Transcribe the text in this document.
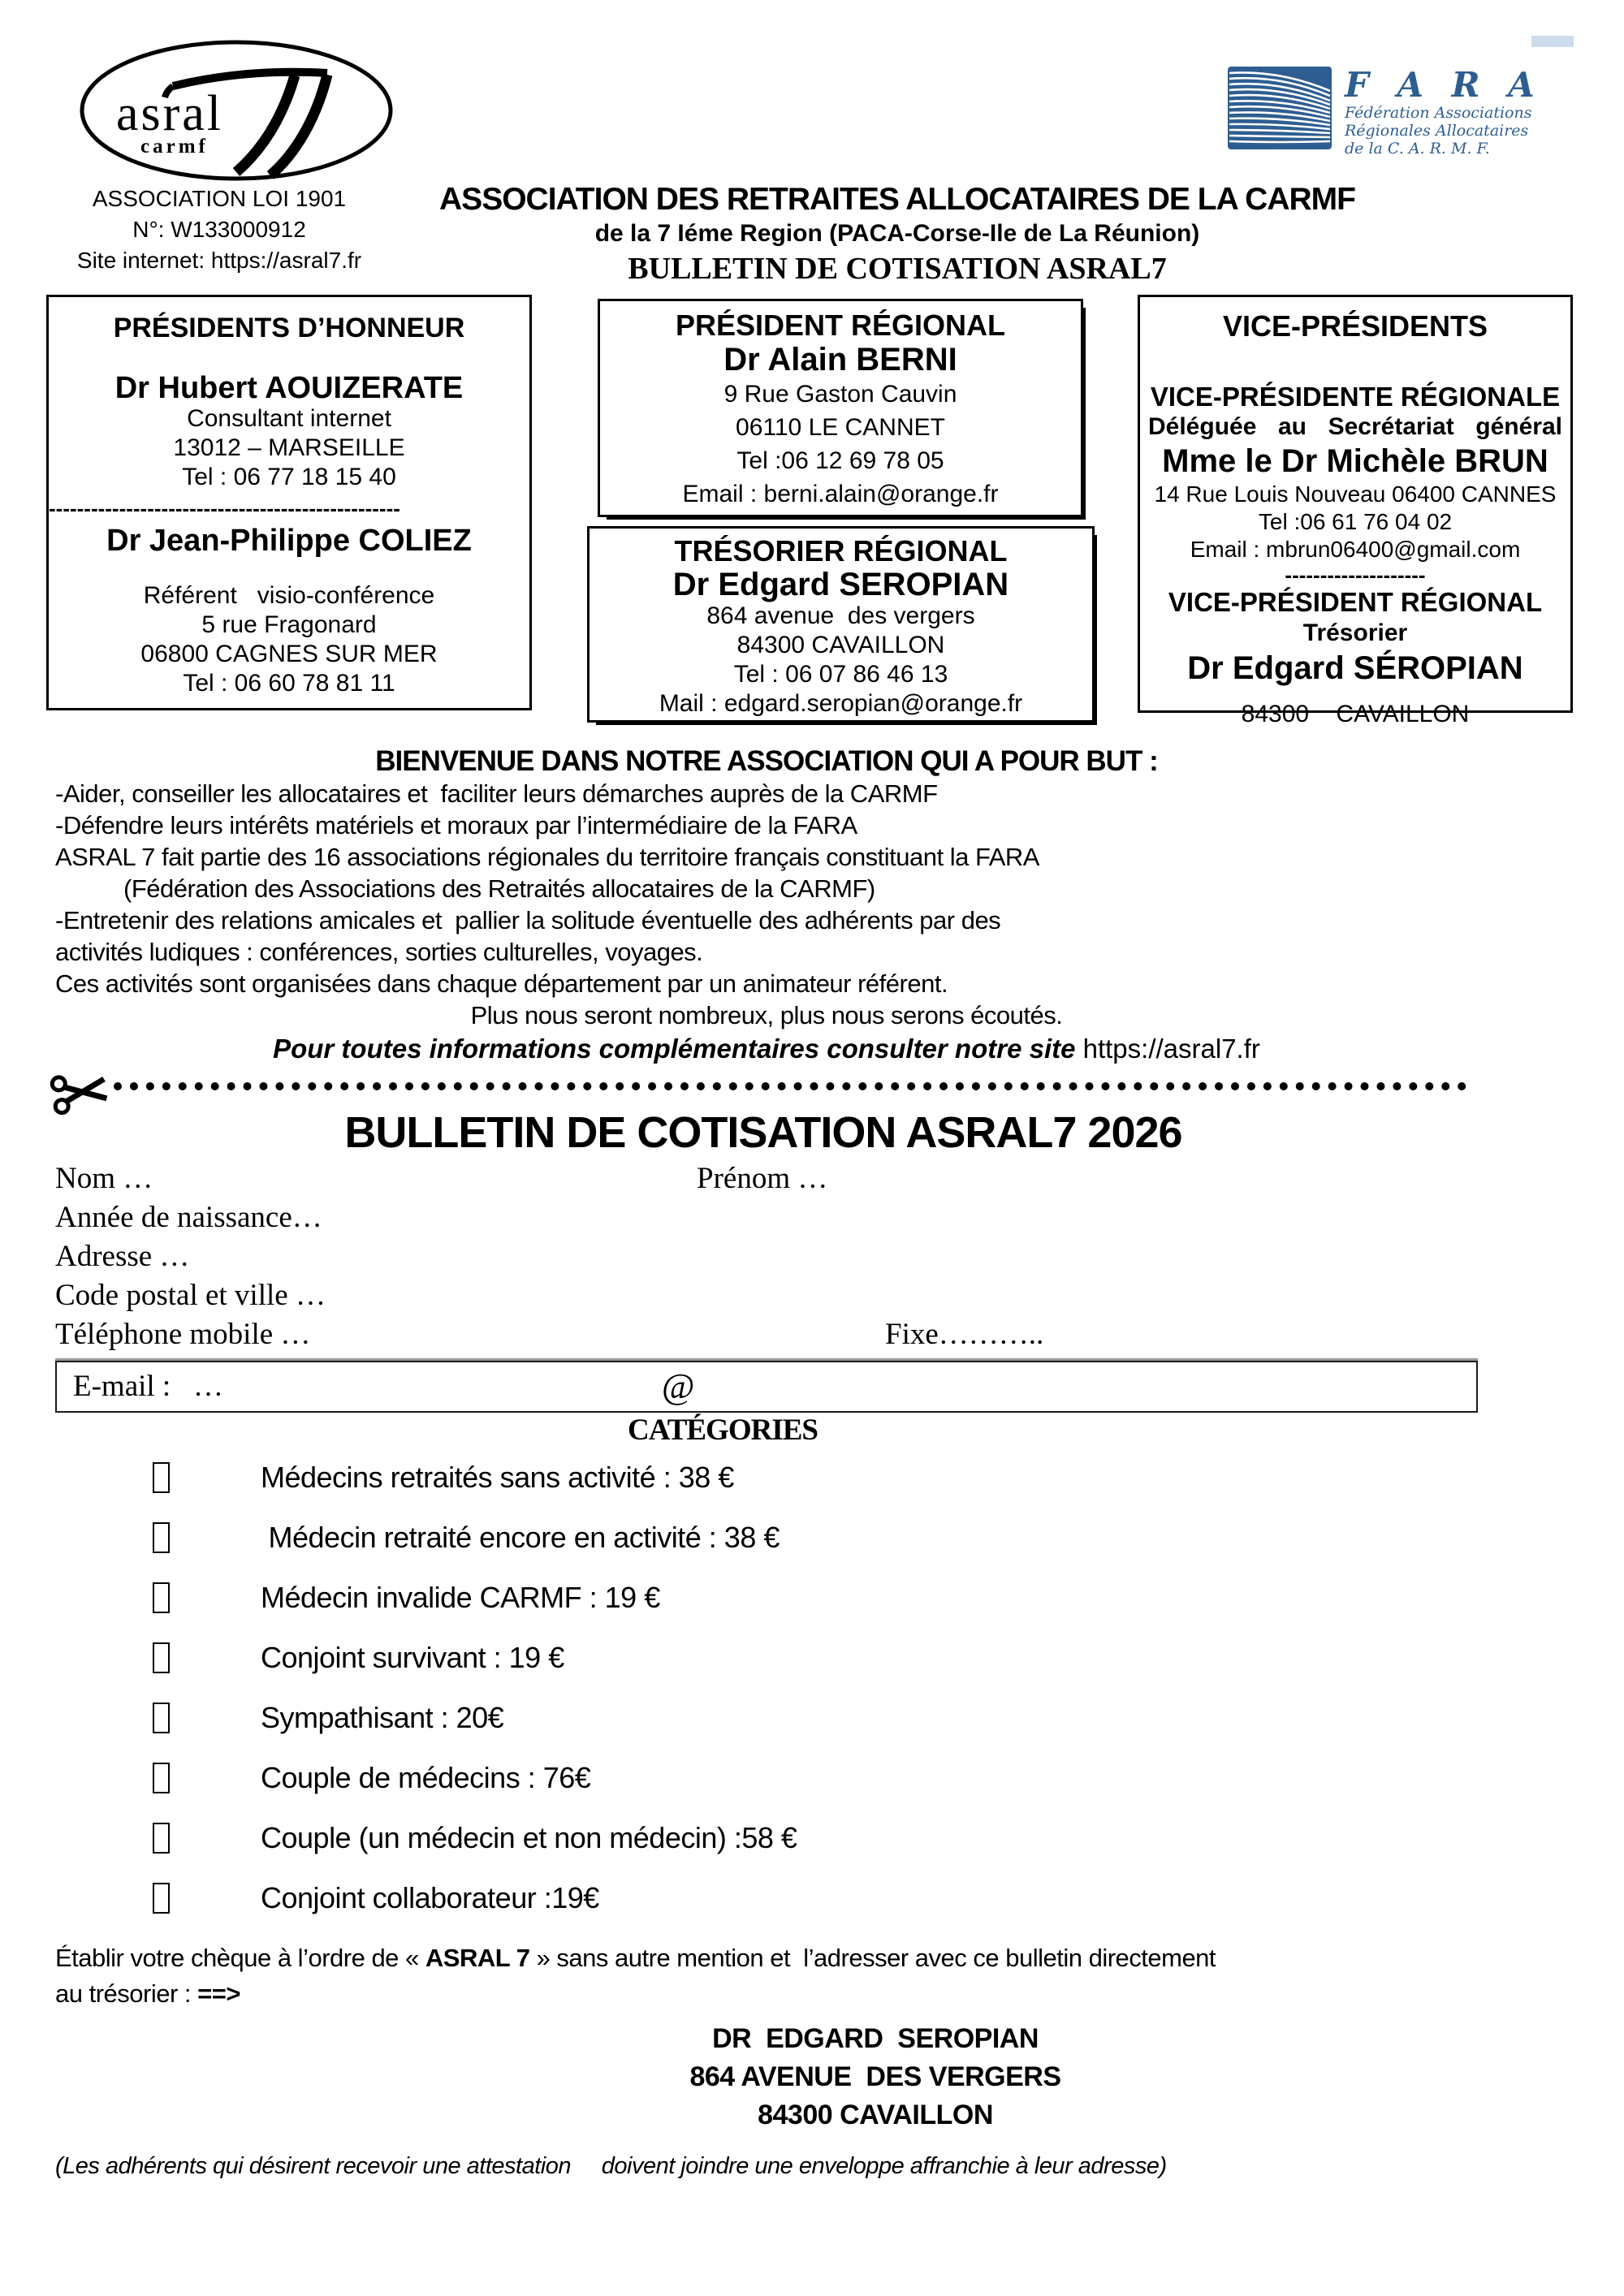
asral
carmf
ASSOCIATION LOI 1901
N°: W133000912
Site internet: https://asral7.fr
ASSOCIATION DES RETRAITES ALLOCATAIRES DE LA CARMF
de la 7 Iéme Region (PACA-Corse-Ile de La Réunion)
BULLETIN DE COTISATION ASRAL7
F A R A
Fédération Associations
Régionales Allocataires
de la C. A. R. M. F.
PRÉSIDENTS D’HONNEUR
Dr Hubert AOUIZERATE
Consultant internet
13012 – MARSEILLE
Tel : 06 77 18 15 40
--------------------------------------------------
Dr Jean-Philippe COLIEZ
Référent   visio-conférence
5 rue Fragonard
06800 CAGNES SUR MER
Tel : 06 60 78 81 11
PRÉSIDENT RÉGIONAL
Dr Alain BERNI
9 Rue Gaston Cauvin
06110 LE CANNET
Tel :06 12 69 78 05
Email : berni.alain@orange.fr
TRÉSORIER RÉGIONAL
Dr Edgard SEROPIAN
864 avenue  des vergers
84300 CAVAILLON
Tel : 06 07 86 46 13
Mail : edgard.seropian@orange.fr
VICE-PRÉSIDENTS
VICE-PRÉSIDENTE RÉGIONALE
Déléguée au Secrétariat général
Mme le Dr Michèle BRUN
14 Rue Louis Nouveau 06400 CANNES
Tel :06 61 76 04 02
Email : mbrun06400@gmail.com
--------------------
VICE-PRÉSIDENT RÉGIONAL
Trésorier
Dr Edgard SÉROPIAN
84300    CAVAILLON
BIENVENUE DANS NOTRE ASSOCIATION QUI A POUR BUT :
-Aider, conseiller les allocataires et  faciliter leurs démarches auprès de la CARMF
-Défendre leurs intérêts matériels et moraux par l’intermédiaire de la FARA
ASRAL 7 fait partie des 16 associations régionales du territoire français constituant la FARA
(Fédération des Associations des Retraités allocataires de la CARMF)
-Entretenir des relations amicales et  pallier la solitude éventuelle des adhérents par des
activités ludiques : conférences, sorties culturelles, voyages.
Ces activités sont organisées dans chaque département par un animateur référent.
Plus nous seront nombreux, plus nous serons écoutés.
Pour toutes informations complémentaires consulter notre site https://asral7.fr
BULLETIN DE COTISATION ASRAL7 2026
Nom …	Prénom …
Année de naissance…
Adresse …
Code postal et ville …
Téléphone mobile …	Fixe………..
E-mail :   …	@
CATÉGORIES
Médecins retraités sans activité : 38 €
Médecin retraité encore en activité : 38 €
Médecin invalide CARMF : 19 €
Conjoint survivant : 19 €
Sympathisant : 20€
Couple de médecins : 76€
Couple (un médecin et non médecin) :58 €
Conjoint collaborateur :19€
Établir votre chèque à l’ordre de « ASRAL 7 » sans autre mention et  l’adresser avec ce bulletin directement
au trésorier : ==>
DR  EDGARD  SEROPIAN
864 AVENUE  DES VERGERS
84300 CAVAILLON
(Les adhérents qui désirent recevoir une attestation     doivent joindre une enveloppe affranchie à leur adresse)
